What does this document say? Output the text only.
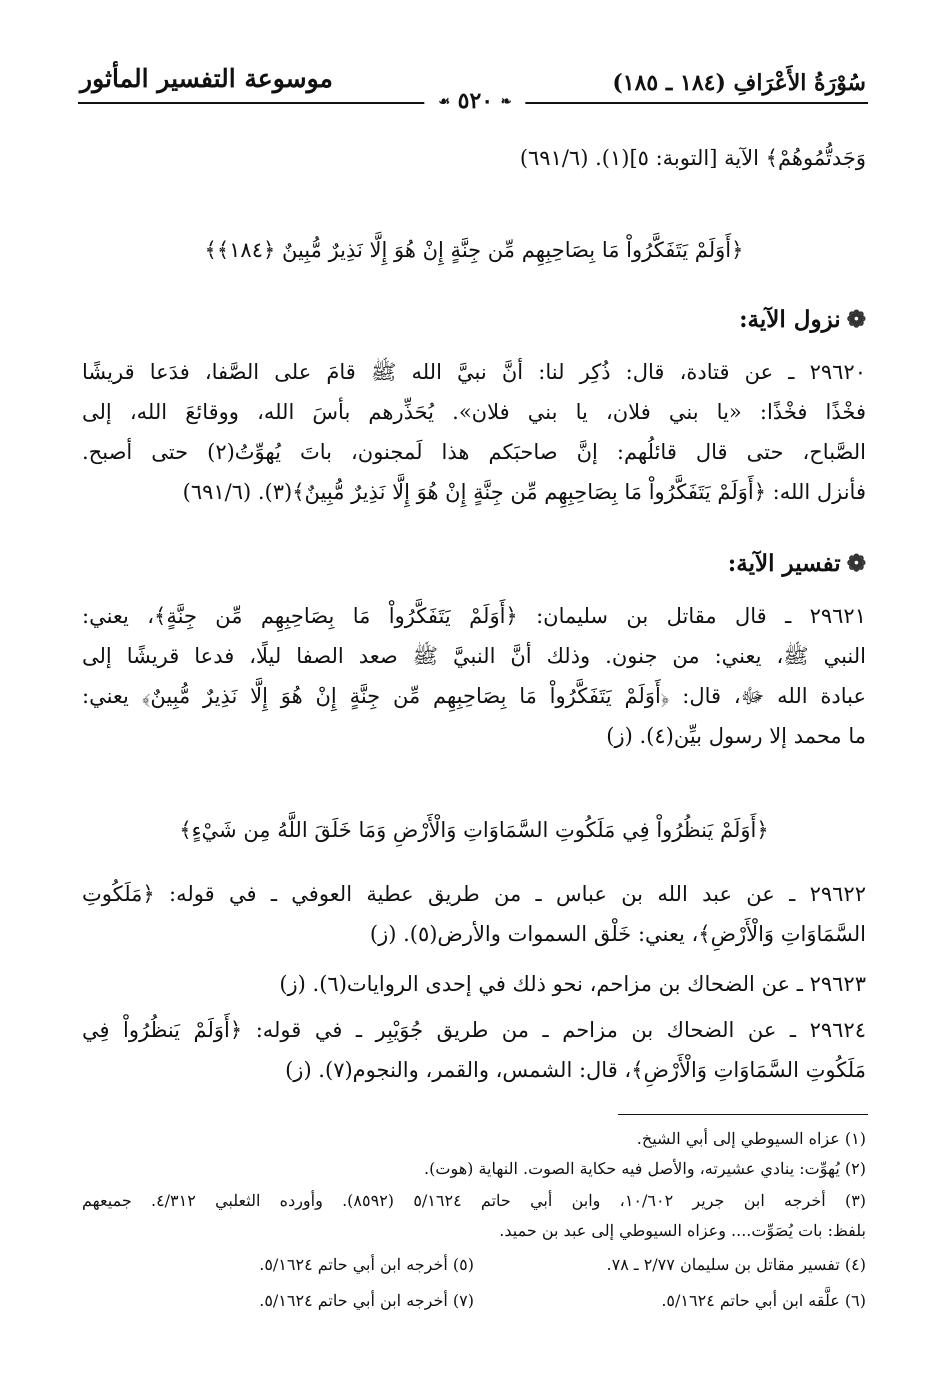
سُوْرَةُ الأَعْرَافِ (١٨٤ ـ ١٨٥)
موسوعة التفسير المأثور
❧ ٥٢٠ ☙
وَجَدتُّمُوهُمْ﴾ الآية [التوبة: ٥](١). (٦٩١/٦)
﴿أَوَلَمْ يَتَفَكَّرُواْ مَا بِصَاحِبِهِم مِّن جِنَّةٍ إِنْ هُوَ إِلَّا نَذِيرٌ مُّبِينٌ ﴿١٨٤﴾﴾
❁نزول الآية:
٢٩٦٢٠ ـ عن قتادة، قال: ذُكِر لنا: أنَّ نبيَّ الله ﷺ قامَ على الصَّفا، فدَعا قريشًا
فخْذًا فخْذًا: «يا بني فلان، يا بني فلان». يُحَذِّرهم بأسَ الله، ووقائعَ الله، إلى
الصَّباح، حتى قال قائلُهم: إنَّ صاحبَكم هذا لَمجنون، باتَ يُهوِّتُ(٢) حتى أصبح.
فأنزل الله: ﴿أَوَلَمْ يَتَفَكَّرُواْ مَا بِصَاحِبِهِم مِّن جِنَّةٍ إِنْ هُوَ إِلَّا نَذِيرٌ مُّبِينٌ﴾(٣). (٦٩١/٦)
❁تفسير الآية:
٢٩٦٢١ ـ قال مقاتل بن سليمان: ﴿أَوَلَمْ يَتَفَكَّرُواْ مَا بِصَاحِبِهِم مِّن جِنَّةٍ﴾، يعني:
النبي ﷺ، يعني: من جنون. وذلك أنَّ النبيَّ ﷺ صعد الصفا ليلًا، فدعا قريشًا إلى
عبادة الله ﷻ، قال: ﴿أَوَلَمْ يَتَفَكَّرُواْ مَا بِصَاحِبِهِم مِّن جِنَّةٍ إِنْ هُوَ إِلَّا نَذِيرٌ مُّبِينٌ﴾ يعني:
ما محمد إلا رسول بيِّن(٤). (ز)
﴿أَوَلَمْ يَنظُرُواْ فِي مَلَكُوتِ السَّمَاوَاتِ وَالْأَرْضِ وَمَا خَلَقَ اللَّهُ مِن شَيْءٍ﴾
٢٩٦٢٢ ـ عن عبد الله بن عباس ـ من طريق عطية العوفي ـ في قوله: ﴿مَلَكُوتِ
السَّمَاوَاتِ وَالْأَرْضِ﴾، يعني: خَلْق السموات والأرض(٥). (ز)
٢٩٦٢٣ ـ عن الضحاك بن مزاحم، نحو ذلك في إحدى الروايات(٦). (ز)
٢٩٦٢٤ ـ عن الضحاك بن مزاحم ـ من طريق جُوَيْبِر ـ في قوله: ﴿أَوَلَمْ يَنظُرُواْ فِي
مَلَكُوتِ السَّمَاوَاتِ وَالْأَرْضِ﴾، قال: الشمس، والقمر، والنجوم(٧). (ز)
(١) عزاه السيوطي إلى أبي الشيخ.
(٢) يُهوِّت: ينادي عشيرته، والأصل فيه حكاية الصوت. النهاية (هوت).
(٣) أخرجه ابن جرير ١٠/٦٠٢، وابن أبي حاتم ٥/١٦٢٤ (٨٥٩٢). وأورده الثعلبي ٤/٣١٢. جميعهم
بلفظ: بات يُصَوِّت.... وعزاه السيوطي إلى عبد بن حميد.
(٤) تفسير مقاتل بن سليمان ٢/٧٧ ـ ٧٨.
(٥) أخرجه ابن أبي حاتم ٥/١٦٢٤.
(٦) علَّقه ابن أبي حاتم ٥/١٦٢٤.
(٧) أخرجه ابن أبي حاتم ٥/١٦٢٤.
